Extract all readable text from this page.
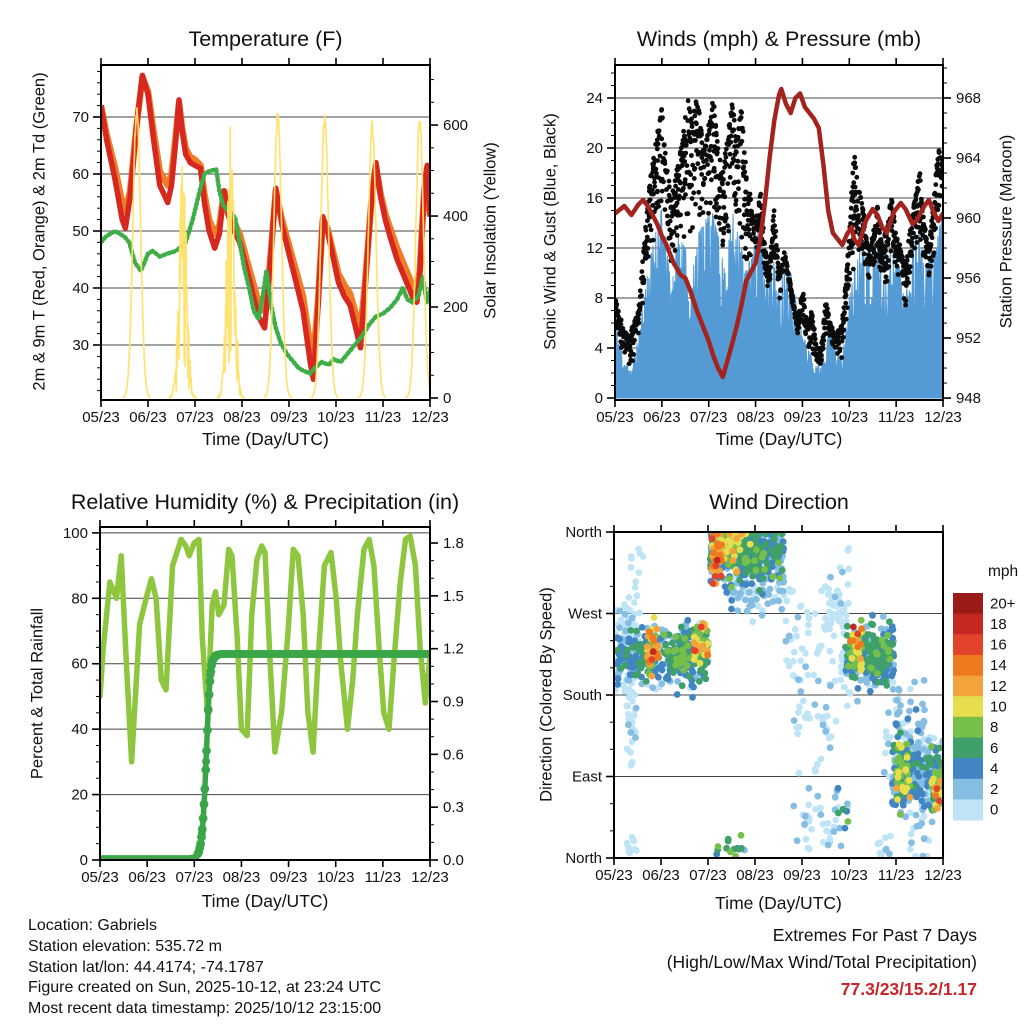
30
40
50
60
70
0
200
400
600
05/23 06/23 07/23 08/23 09/23 10/23 11/23 12/23
0
4
8
12
16
20
24
948
952
956
960
964
968
05/23 06/23 07/23 08/23 09/23 10/23 11/23 12/23
0
20
40
60
80
100
0.0
0.3
0.6
0.9
1.2
1.5
1.8
05/23 06/23 07/23 08/23 09/23 10/23 11/23 12/23
North
West
South
East
North
05/23 06/23 07/23 08/23 09/23 10/23 11/23 12/23
20+
18
16
14
12
10
8
6
4
2
0
Temperature (F)	Winds (mph) & Pressure (mb)
Relative Humidity (%) & Precipitation (in)	Wind Direction
Time (Day/UTC)	Time (Day/UTC)
Time (Day/UTC)	Time (Day/UTC)
2m & 9m T (Red, Orange) & 2m Td (Green)	Solar Insolation (Yellow)	Sonic Wind & Gust (Blue, Black)	Station Pressure (Maroon)
Percent & Total Rainfall	Direction (Colored By Speed)
mph
Location: Gabriels
Station elevation: 535.72 m
Station lat/lon: 44.4174; -74.1787
Figure created on Sun, 2025-10-12, at 23:24 UTC
Most recent data timestamp: 2025/10/12 23:15:00
Extremes For Past 7 Days
(High/Low/Max Wind/Total Precipitation)
77.3/23/15.2/1.17
